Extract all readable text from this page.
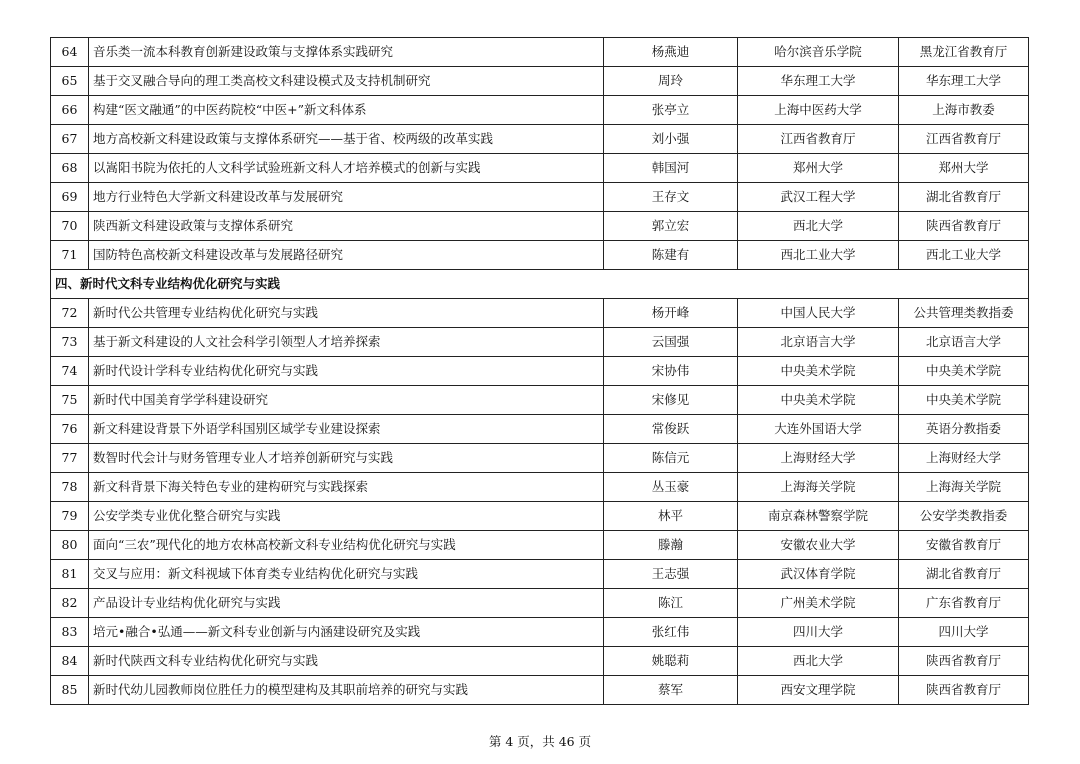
64	音乐类一流本科教育创新建设政策与支撑体系实践研究	杨燕迪	哈尔滨音乐学院	黑龙江省教育厅
65	基于交叉融合导向的理工类高校文科建设模式及支持机制研究	周玲	华东理工大学	华东理工大学
66	构建“医文融通”的中医药院校“中医+”新文科体系	张亭立	上海中医药大学	上海市教委
67	地方高校新文科建设政策与支撑体系研究——基于省、校两级的改革实践	刘小强	江西省教育厅	江西省教育厅
68	以嵩阳书院为依托的人文科学试验班新文科人才培养模式的创新与实践	韩国河	郑州大学	郑州大学
69	地方行业特色大学新文科建设改革与发展研究	王存文	武汉工程大学	湖北省教育厅
70	陕西新文科建设政策与支撑体系研究	郭立宏	西北大学	陕西省教育厅
71	国防特色高校新文科建设改革与发展路径研究	陈建有	西北工业大学	西北工业大学
四、新时代文科专业结构优化研究与实践				
72	新时代公共管理专业结构优化研究与实践	杨开峰	中国人民大学	公共管理类教指委
73	基于新文科建设的人文社会科学引领型人才培养探索	云国强	北京语言大学	北京语言大学
74	新时代设计学科专业结构优化研究与实践	宋协伟	中央美术学院	中央美术学院
75	新时代中国美育学学科建设研究	宋修见	中央美术学院	中央美术学院
76	新文科建设背景下外语学科国别区域学专业建设探索	常俊跃	大连外国语大学	英语分教指委
77	数智时代会计与财务管理专业人才培养创新研究与实践	陈信元	上海财经大学	上海财经大学
78	新文科背景下海关特色专业的建构研究与实践探索	丛玉豪	上海海关学院	上海海关学院
79	公安学类专业优化整合研究与实践	林平	南京森林警察学院	公安学类教指委
80	面向“三农”现代化的地方农林高校新文科专业结构优化研究与实践	滕瀚	安徽农业大学	安徽省教育厅
81	交叉与应用：新文科视域下体育类专业结构优化研究与实践	王志强	武汉体育学院	湖北省教育厅
82	产品设计专业结构优化研究与实践	陈江	广州美术学院	广东省教育厅
83	培元•融合•弘通——新文科专业创新与内涵建设研究及实践	张红伟	四川大学	四川大学
84	新时代陕西文科专业结构优化研究与实践	姚聪莉	西北大学	陕西省教育厅
85	新时代幼儿园教师岗位胜任力的模型建构及其职前培养的研究与实践	蔡军	西安文理学院	陕西省教育厅
第 4 页，共 46 页
